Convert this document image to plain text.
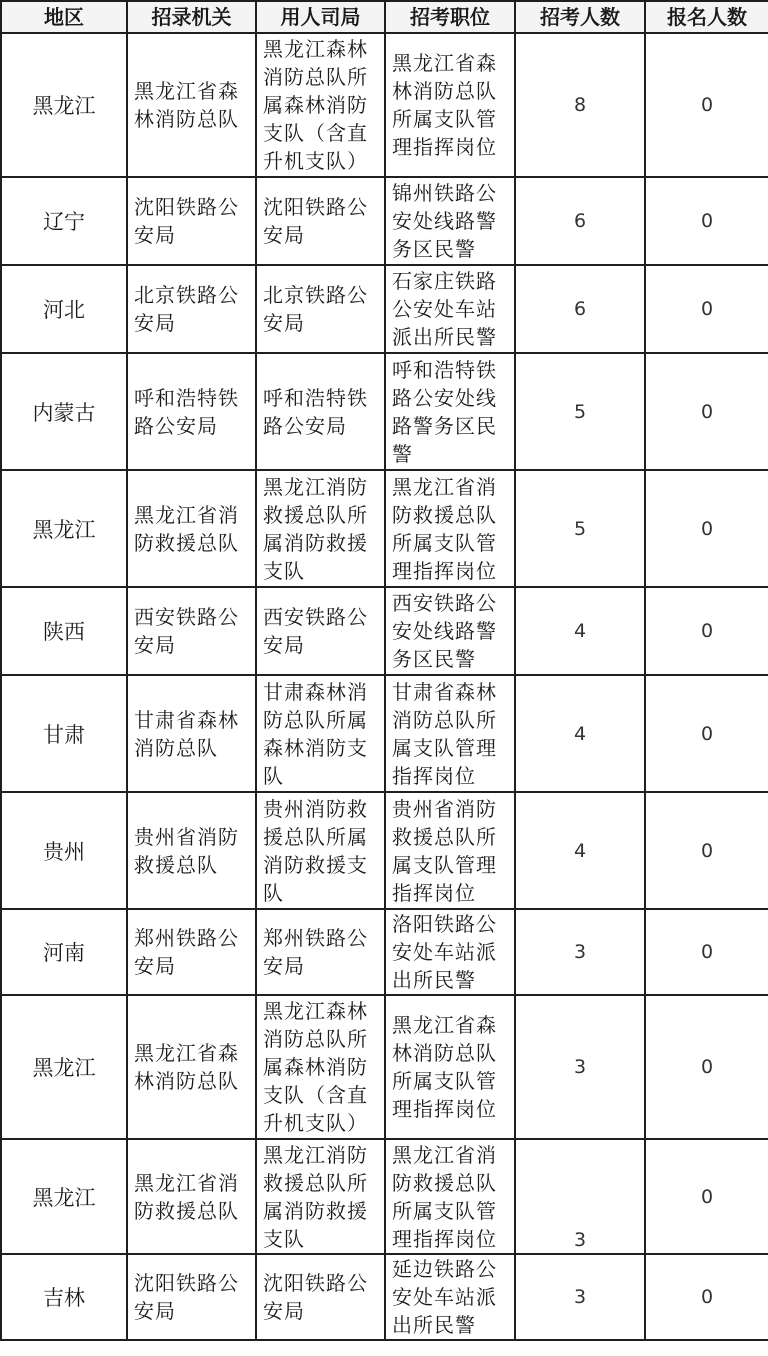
地区	招录机关	用人司局	招考职位	招考人数	报名人数
黑龙江	黑龙江省森林消防总队	黑龙江森林消防总队所属森林消防支队（含直升机支队）	黑龙江省森林消防总队所属支队管理指挥岗位	8	0
辽宁	沈阳铁路公安局	沈阳铁路公安局	锦州铁路公安处线路警务区民警	6	0
河北	北京铁路公安局	北京铁路公安局	石家庄铁路公安处车站派出所民警	6	0
内蒙古	呼和浩特铁路公安局	呼和浩特铁路公安局	呼和浩特铁路公安处线路警务区民警	5	0
黑龙江	黑龙江省消防救援总队	黑龙江消防救援总队所属消防救援支队	黑龙江省消防救援总队所属支队管理指挥岗位	5	0
陕西	西安铁路公安局	西安铁路公安局	西安铁路公安处线路警务区民警	4	0
甘肃	甘肃省森林消防总队	甘肃森林消防总队所属森林消防支队	甘肃省森林消防总队所属支队管理指挥岗位	4	0
贵州	贵州省消防救援总队	贵州消防救援总队所属消防救援支队	贵州省消防救援总队所属支队管理指挥岗位	4	0
河南	郑州铁路公安局	郑州铁路公安局	洛阳铁路公安处车站派出所民警	3	0
黑龙江	黑龙江省森林消防总队	黑龙江森林消防总队所属森林消防支队（含直升机支队）	黑龙江省森林消防总队所属支队管理指挥岗位	3	0
黑龙江	黑龙江省消防救援总队	黑龙江消防救援总队所属消防救援支队	黑龙江省消防救援总队所属支队管理指挥岗位	3	0
吉林	沈阳铁路公安局	沈阳铁路公安局	延边铁路公安处车站派出所民警	3	0
